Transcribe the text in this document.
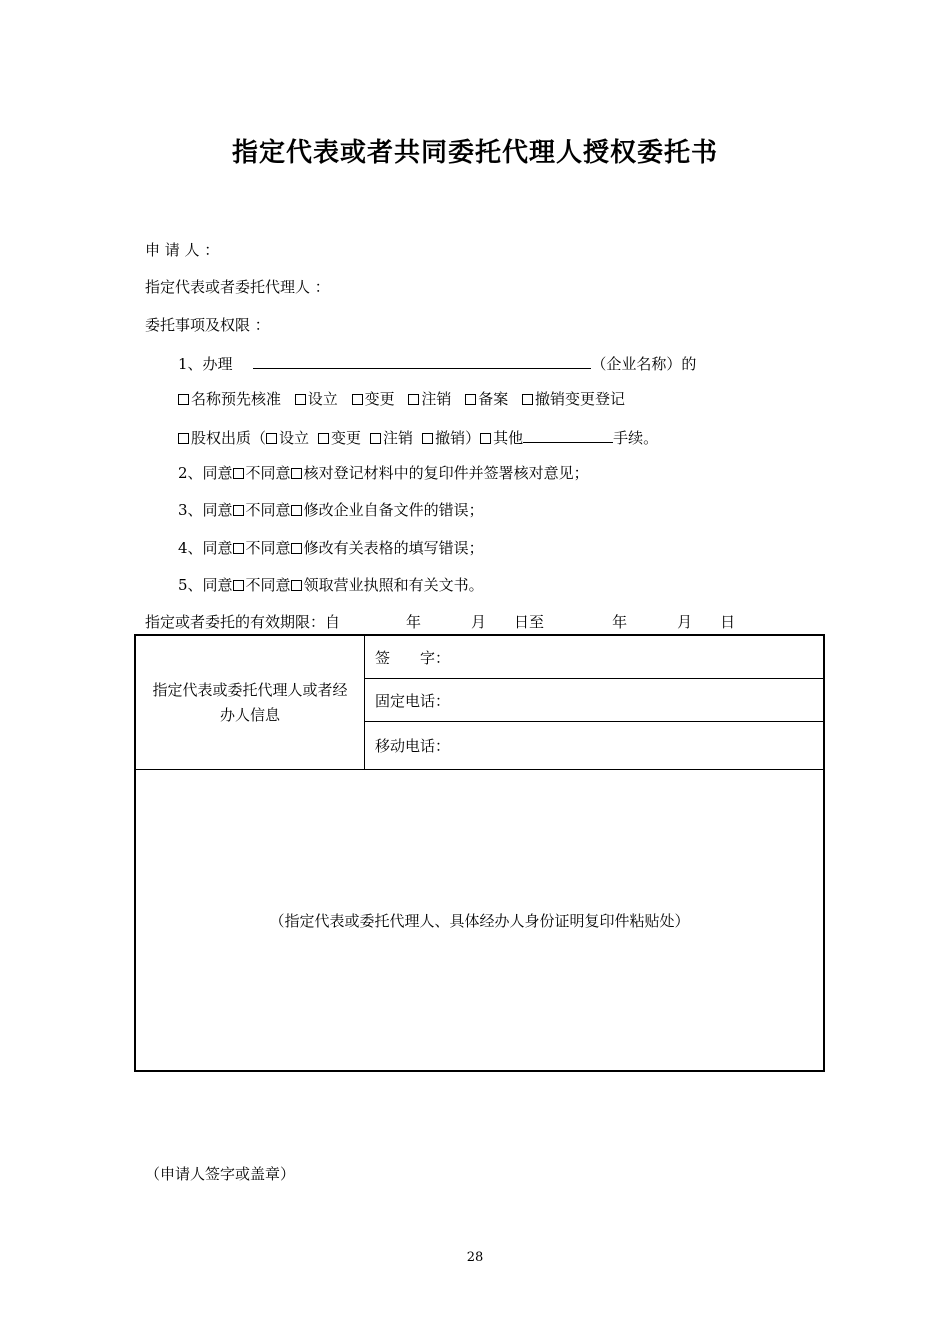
指定代表或者共同委托代理人授权委托书
申 请 人 ：
指定代表或者委托代理人 ：
委托事项及权限 ：
1、办理	（企业名称）的
名称预先核准 设立 变更 注销 备案 撤销变更登记
股权出质（ 设立 变更 注销 撤销） 其他	手续。
2、同意 不同意 核对登记材料中的复印件并签署核对意见；
3、同意 不同意 修改企业自备文件的错误；
4、同意 不同意 修改有关表格的填写错误；
5、同意 不同意 领取营业执照和有关文书。
指定或者委托的有效期限：自	年	月 日至	年	月 日
指定代表或委托代理人或者经办人信息
签　　字：
固定电话：
移动电话：
（指定代表或委托代理人、具体经办人身份证明复印件粘贴处）
（申请人签字或盖章）
28
